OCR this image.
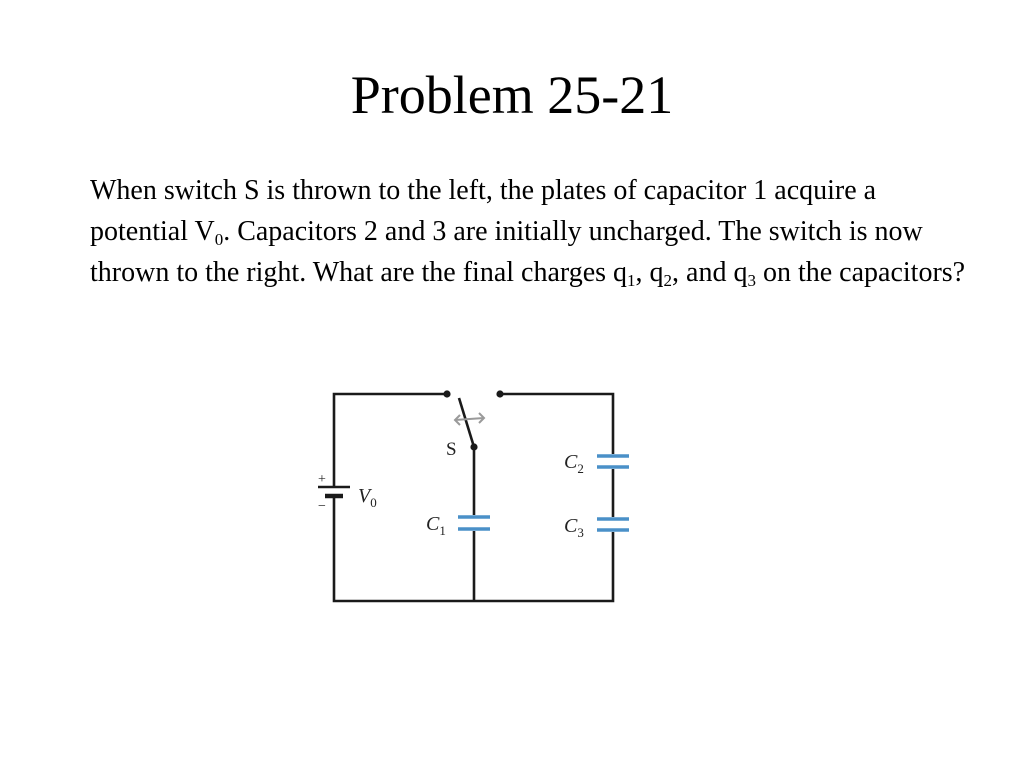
Problem 25-21

When switch S is thrown to the left, the plates of capacitor 1 acquire a potential $V_0$. Capacitors 2 and 3 are initially uncharged. The switch is now thrown to the right. What are the final charges $q_1$, $q_2$, and $q_3$ on the capacitors?

S
+
− $V_0$
$C_1$
$C_2$
$C_3$
